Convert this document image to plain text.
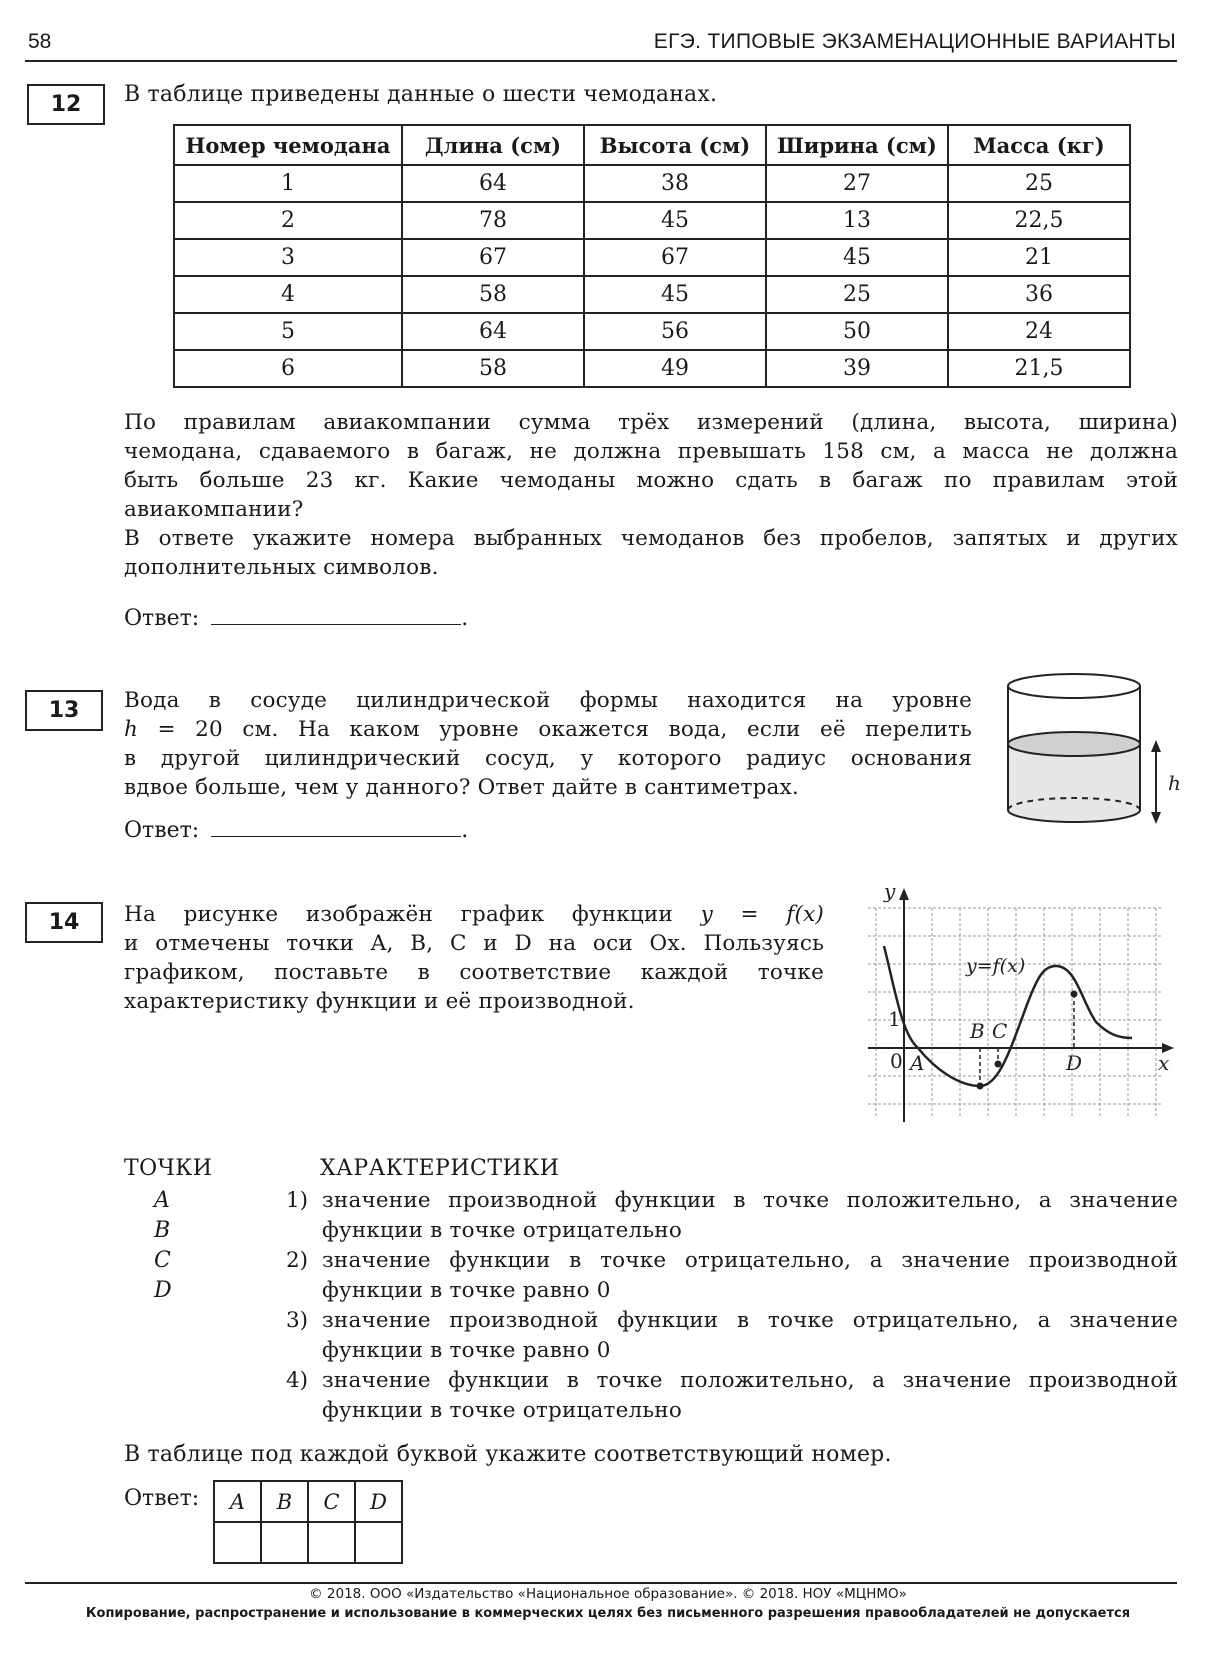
58	ЕГЭ. ТИПОВЫЕ ЭКЗАМЕНАЦИОННЫЕ ВАРИАНТЫ
12	В таблице приведены данные о шести чемоданах.
Номер чемодана	Длина (см)	Высота (см)	Ширина (см)	Масса (кг)
1	64	38	27	25
2	78	45	13	22,5
3	67	67	45	21
4	58	45	25	36
5	64	56	50	24
6	58	49	39	21,5
По правилам авиакомпании сумма трёх измерений (длина, высота, ширина)
чемодана, сдаваемого в багаж, не должна превышать 158 см, а масса не должна
быть больше 23 кг. Какие чемоданы можно сдать в багаж по правилам этой
авиакомпании?
В ответе укажите номера выбранных чемоданов без пробелов, запятых и других
дополнительных символов.
Ответ:	.
13	Вода в сосуде цилиндрической формы находится на уровне
h = 20 см. На каком уровне окажется вода, если её перелить
в другой цилиндрический сосуд, у которого радиус основания
вдвое больше, чем у данного? Ответ дайте в сантиметрах.	h
Ответ:	.
14	На рисунке изображён график функции y = f(x)
и отмечены точки A, B, C и D на оси Ox. Пользуясь
графиком, поставьте в соответствие каждой точке
характеристику функции и её производной.
y
x
0
1
A
B C
D
y=f(x)
ТОЧКИ
A
B
C
D
ХАРАКТЕРИСТИКИ
1) значение производной функции в точке положительно, а значение
функции в точке отрицательно
2) значение функции в точке отрицательно, а значение производной
функции в точке равно 0
3) значение производной функции в точке отрицательно, а значение
функции в точке равно 0
4) значение функции в точке положительно, а значение производной
функции в точке отрицательно
В таблице под каждой буквой укажите соответствующий номер.
Ответ: A	B	C	D

© 2018. ООО «Издательство «Национальное образование». © 2018. НОУ «МЦНМО»
Копирование, распространение и использование в коммерческих целях без письменного разрешения правообладателей не допускается
